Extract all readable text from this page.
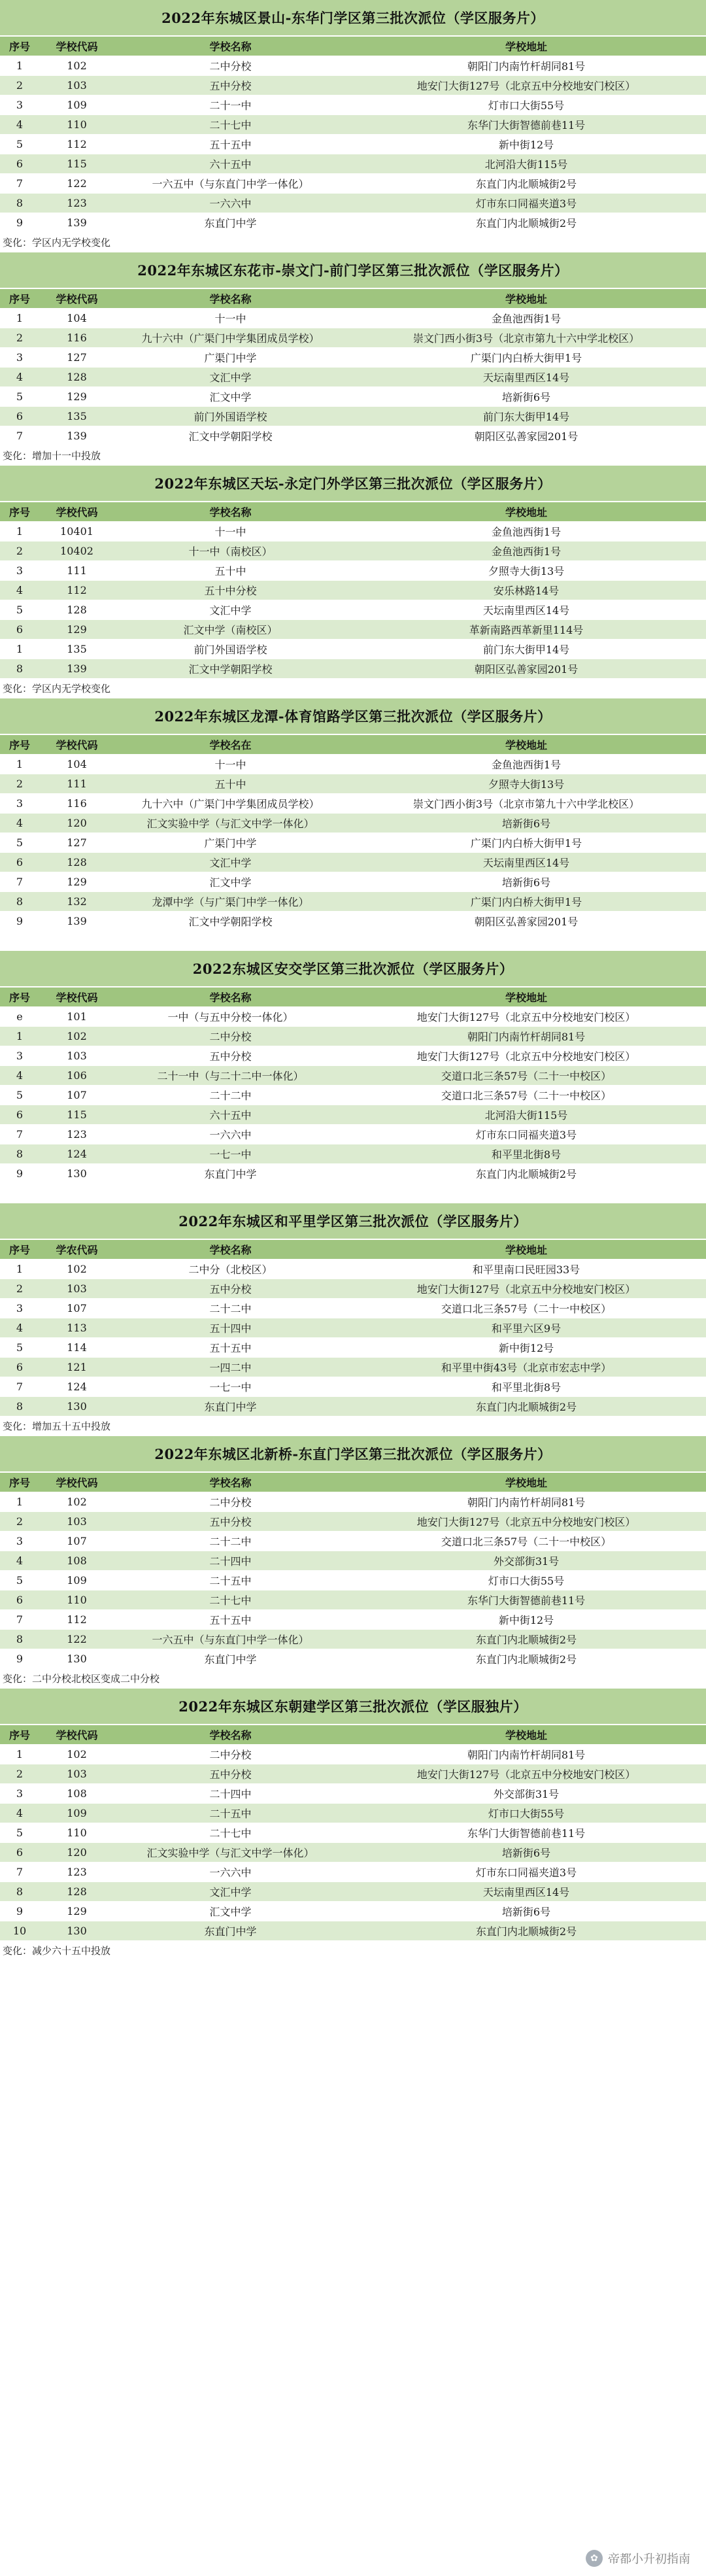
2022年东城区景山-东华门学区第三批次派位（学区服务片）
序号	学校代码	学校名称	学校地址
1	102	二中分校	朝阳门内南竹杆胡同81号
2	103	五中分校	地安门大街127号（北京五中分校地安门校区）
3	109	二十一中	灯市口大街55号
4	110	二十七中	东华门大街智德前巷11号
5	112	五十五中	新中街12号
6	115	六十五中	北河沿大街115号
7	122	一六五中（与东直门中学一体化）	东直门内北顺城街2号
8	123	一六六中	灯市东口同福夹道3号
9	139	东直门中学	东直门内北顺城街2号
变化：学区内无学校变化
2022年东城区东花市-崇文门-前门学区第三批次派位（学区服务片）
序号	学校代码	学校名称	学校地址
1	104	十一中	金鱼池西街1号
2	116	九十六中（广渠门中学集团成员学校）	崇文门西小街3号（北京市第九十六中学北校区）
3	127	广渠门中学	广渠门内白桥大街甲1号
4	128	文汇中学	天坛南里西区14号
5	129	汇文中学	培新街6号
6	135	前门外国语学校	前门东大街甲14号
7	139	汇文中学朝阳学校	朝阳区弘善家园201号
变化：增加十一中投放
2022年东城区天坛-永定门外学区第三批次派位（学区服务片）
序号	学校代码	学校名称	学校地址
1	10401	十一中	金鱼池西街1号
2	10402	十一中（南校区）	金鱼池西街1号
3	111	五十中	夕照寺大街13号
4	112	五十中分校	安乐林路14号
5	128	文汇中学	天坛南里西区14号
6	129	汇文中学（南校区）	革新南路西革新里114号
1	135	前门外国语学校	前门东大街甲14号
8	139	汇文中学朝阳学校	朝阳区弘善家园201号
变化：学区内无学校变化
2022年东城区龙潭-体育馆路学区第三批次派位（学区服务片）
序号	学校代码	学校名在	学校地址
1	104	十一中	金鱼池西街1号
2	111	五十中	夕照寺大街13号
3	116	九十六中（广渠门中学集团成员学校）	崇文门西小街3号（北京市第九十六中学北校区）
4	120	汇文实验中学（与汇文中学一体化）	培新街6号
5	127	广渠门中学	广渠门内白桥大街甲1号
6	128	文汇中学	天坛南里西区14号
7	129	汇文中学	培新街6号
8	132	龙潭中学（与广渠门中学一体化）	广渠门内白桥大街甲1号
9	139	汇文中学朝阳学校	朝阳区弘善家园201号
2022东城区安交学区第三批次派位（学区服务片）
序号	学校代码	学校名称	学校地址
e	101	一中（与五中分校一体化）	地安门大街127号（北京五中分校地安门校区）
1	102	二中分校	朝阳门内南竹杆胡同81号
3	103	五中分校	地安门大街127号（北京五中分校地安门校区）
4	106	二十一中（与二十二中一体化）	交道口北三条57号（二十一中校区）
5	107	二十二中	交道口北三条57号（二十一中校区）
6	115	六十五中	北河沿大街115号
7	123	一六六中	灯市东口同福夹道3号
8	124	一七一中	和平里北街8号
9	130	东直门中学	东直门内北顺城街2号
2022年东城区和平里学区第三批次派位（学区服务片）
序号	学农代码	学校名称	学校地址
1	102	二中分（北校区）	和平里南口民旺园33号
2	103	五中分校	地安门大街127号（北京五中分校地安门校区）
3	107	二十二中	交道口北三条57号（二十一中校区）
4	113	五十四中	和平里六区9号
5	114	五十五中	新中街12号
6	121	一四二中	和平里中街43号（北京市宏志中学）
7	124	一七一中	和平里北街8号
8	130	东直门中学	东直门内北顺城街2号
变化：增加五十五中投放
2022年东城区北新桥-东直门学区第三批次派位（学区服务片）
序号	学校代码	学校名称	学校地址
1	102	二中分校	朝阳门内南竹杆胡同81号
2	103	五中分校	地安门大街127号（北京五中分校地安门校区）
3	107	二十二中	交道口北三条57号（二十一中校区）
4	108	二十四中	外交部街31号
5	109	二十五中	灯市口大街55号
6	110	二十七中	东华门大街智德前巷11号
7	112	五十五中	新中街12号
8	122	一六五中（与东直门中学一体化）	东直门内北顺城街2号
9	130	东直门中学	东直门内北顺城街2号
变化：二中分校北校区变成二中分校
2022年东城区东朝建学区第三批次派位（学区服独片）
序号	学校代码	学校名称	学校地址
1	102	二中分校	朝阳门内南竹杆胡同81号
2	103	五中分校	地安门大街127号（北京五中分校地安门校区）
3	108	二十四中	外交部街31号
4	109	二十五中	灯市口大街55号
5	110	二十七中	东华门大街智德前巷11号
6	120	汇文实验中学（与汇文中学一体化）	培新街6号
7	123	一六六中	灯市东口同福夹道3号
8	128	文汇中学	天坛南里西区14号
9	129	汇文中学	培新街6号
10	130	东直门中学	东直门内北顺城街2号
变化：减少六十五中投放
✿ 帝都小升初指南
